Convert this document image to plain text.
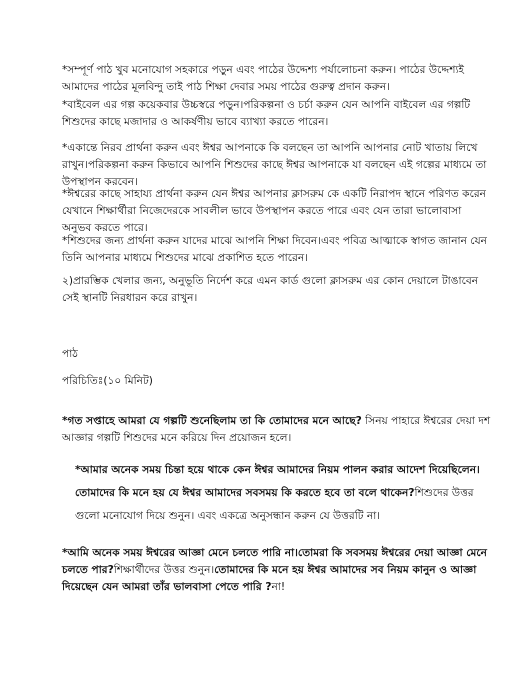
*সম্পূর্ণ পাঠ খুব মনোযোগ সহকারে পড়ুন এবং পাঠের উদ্দেশ্য পর্যালোচনা করুন। পাঠের উদ্দেশ্যই আমাদের পাঠের মূলবিন্দু তাই পাঠ শিক্ষা দেবার সময় পাঠের গুরুত্ব প্রদান করুন।

*বাইবেল এর গল্প কয়েকবার উচ্চস্বরে পড়ুন।পরিকল্পনা ও চর্চা করুন যেন আপনি বাইবেল এর গল্পটি শিশুদের কাছে মজাদার ও আকর্ষণীয় ভাবে ব্যাখ্যা করতে পারেন।

*একান্তে নিরব প্রার্থনা করুন এবং ঈশ্বর আপনাকে কি বলছেন তা আপনি আপনার নোট খাতায় লিখে রাখুন।পরিকল্পনা করুন কিভাবে আপনি শিশুদের কাছে ঈশ্বর আপনাকে যা বলছেন এই গল্পের মাধ্যমে তা উপস্থাপন করবেন।

*ঈশ্বরের কাছে সাহায্য প্রার্থনা করুন যেন ঈশ্বর আপনার ক্লাসরুম কে একটি নিরাপদ স্থানে পরিণত করেন যেখানে শিক্ষার্থীরা নিজেদেরকে সাবলীল ভাবে উপস্থাপন করতে পারে এবং যেন তারা ভালোবাসা অনুভব করতে পারে।

*শিশুদের জন্য প্রার্থনা করুন যাদের মাঝে আপনি শিক্ষা দিবেন।এবং পবিত্র আত্মাকে স্বাগত জানান যেন তিনি আপনার মাধ্যমে শিশুদের মাঝে প্রকাশিত হতে পারেন।

২)প্রারম্ভিক খেলার জন্য, অনুভূতি নির্দেশ করে এমন কার্ড গুলো ক্লাসরুম এর কোন দেয়ালে টাঙাবেন সেই স্থানটি নিরধারন করে রাখুন।

পাঠ

পরিচিতিঃ(১০ মিনিট)

*গত সপ্তাহে আমরা যে গল্পটি শুনেছিলাম তা কি তোমাদের মনে আছে? সিনয় পাহারে ঈশ্বরের দেয়া দশ আজ্ঞার গল্পটি শিশুদের মনে করিয়ে দিন প্রয়োজন হলে।

*আমার অনেক সময় চিন্তা হয়ে থাকে কেন ঈশ্বর আমাদের নিয়ম পালন করার আদেশ দিয়েছিলেন।তোমাদের কি মনে হয় যে ঈশ্বর আমাদের সবসময় কি করতে হবে তা বলে থাকেন?শিশুদের উত্তর গুলো মনোযোগ দিয়ে শুনুন। এবং একত্রে অনুসন্ধান করুন যে উত্তরটি না।

*আমি অনেক সময় ঈশ্বরের আজ্ঞা মেনে চলতে পারি না।তোমরা কি সবসময় ঈশ্বরের দেয়া আজ্ঞা মেনে চলতে পার?শিক্ষার্থীদের উত্তর শুনুন।তোমাদের কি মনে হয় ঈশ্বর আমাদের সব নিয়ম কানুন ও আজ্ঞা দিয়েছেন যেন আমরা তাঁর ভালবাসা পেতে পারি ?না!
